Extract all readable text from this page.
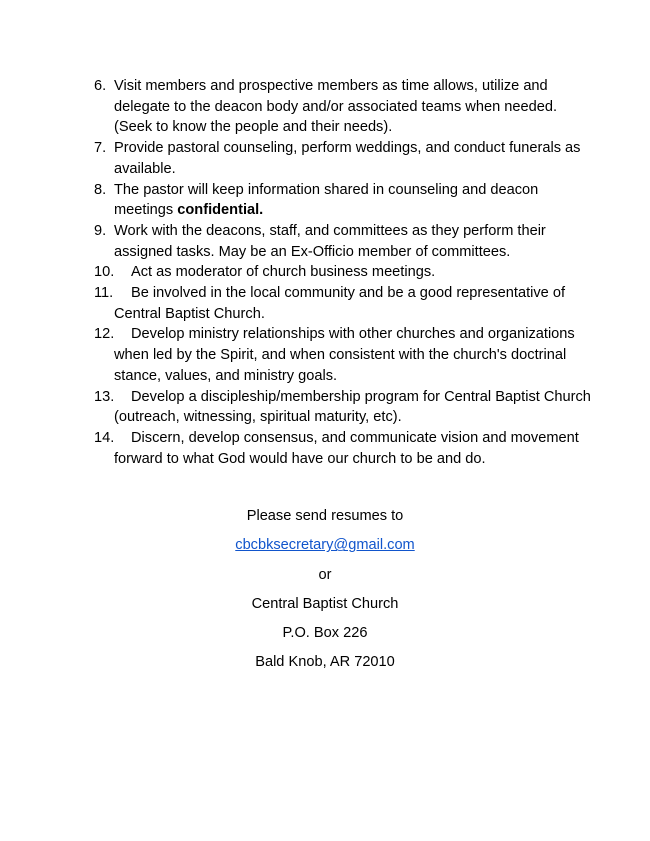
6. Visit members and prospective members as time allows, utilize and delegate to the deacon body and/or associated teams when needed. (Seek to know the people and their needs).
7. Provide pastoral counseling, perform weddings, and conduct funerals as available.
8. The pastor will keep information shared in counseling and deacon meetings confidential.
9. Work with the deacons, staff, and committees as they perform their assigned tasks. May be an Ex-Officio member of committees.
10. Act as moderator of church business meetings.
11. Be involved in the local community and be a good representative of Central Baptist Church.
12. Develop ministry relationships with other churches and organizations when led by the Spirit, and when consistent with the church's doctrinal stance, values, and ministry goals.
13. Develop a discipleship/membership program for Central Baptist Church (outreach, witnessing, spiritual maturity, etc).
14. Discern, develop consensus, and communicate vision and movement forward to what God would have our church to be and do.
Please send resumes to
cbcbksecretary@gmail.com
or
Central Baptist Church
P.O. Box 226
Bald Knob, AR 72010
